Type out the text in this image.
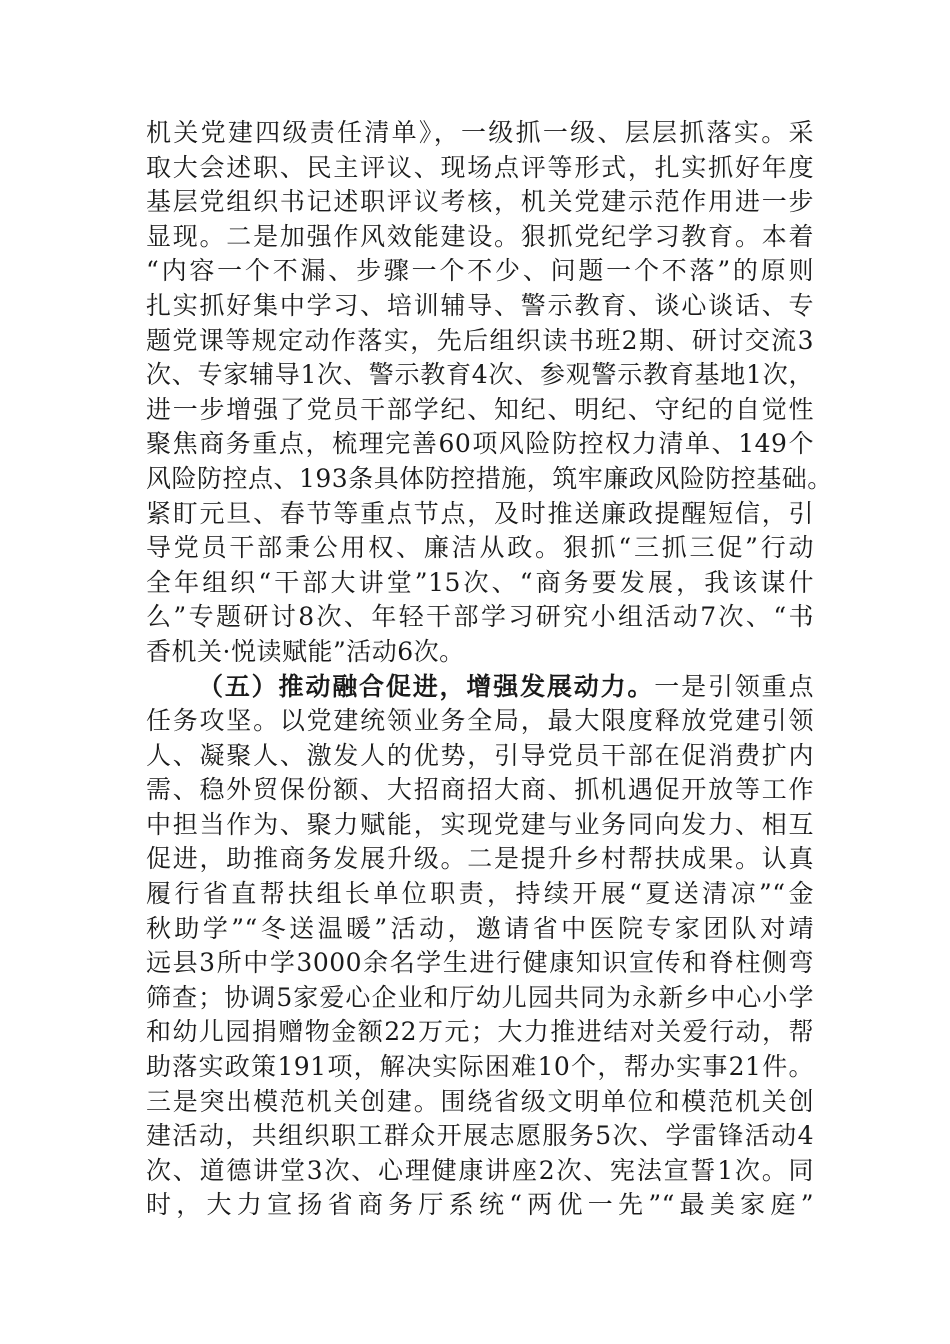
机关党建四级责任清单》，一级抓一级、层层抓落实。采
取大会述职、民主评议、现场点评等形式，扎实抓好年度
基层党组织书记述职评议考核，机关党建示范作用进一步
显现。二是加强作风效能建设。狠抓党纪学习教育。本着
“内容一个不漏、步骤一个不少、问题一个不落”的原则
扎实抓好集中学习、培训辅导、警示教育、谈心谈话、专
题党课等规定动作落实，先后组织读书班2期、研讨交流3
次、专家辅导1次、警示教育4次、参观警示教育基地1次，
进一步增强了党员干部学纪、知纪、明纪、守纪的自觉性
聚焦商务重点，梳理完善60项风险防控权力清单、149个
风险防控点、193条具体防控措施，筑牢廉政风险防控基础。
紧盯元旦、春节等重点节点，及时推送廉政提醒短信，引
导党员干部秉公用权、廉洁从政。狠抓“三抓三促”行动
全年组织“干部大讲堂”15次、“商务要发展，我该谋什
么”专题研讨8次、年轻干部学习研究小组活动7次、“书
香机关·悦读赋能”活动6次。
（五）推动融合促进，增强发展动力。一是引领重点
任务攻坚。以党建统领业务全局，最大限度释放党建引领
人、凝聚人、激发人的优势，引导党员干部在促消费扩内
需、稳外贸保份额、大招商招大商、抓机遇促开放等工作
中担当作为、聚力赋能，实现党建与业务同向发力、相互
促进，助推商务发展升级。二是提升乡村帮扶成果。认真
履行省直帮扶组长单位职责，持续开展“夏送清凉”“金
秋助学”“冬送温暖”活动，邀请省中医院专家团队对靖
远县3所中学3000余名学生进行健康知识宣传和脊柱侧弯
筛查；协调5家爱心企业和厅幼儿园共同为永新乡中心小学
和幼儿园捐赠物金额22万元；大力推进结对关爱行动，帮
助落实政策191项，解决实际困难10个，帮办实事21件。
三是突出模范机关创建。围绕省级文明单位和模范机关创
建活动，共组织职工群众开展志愿服务5次、学雷锋活动4
次、道德讲堂3次、心理健康讲座2次、宪法宣誓1次。同
时，大力宣扬省商务厅系统“两优一先”“最美家庭”
